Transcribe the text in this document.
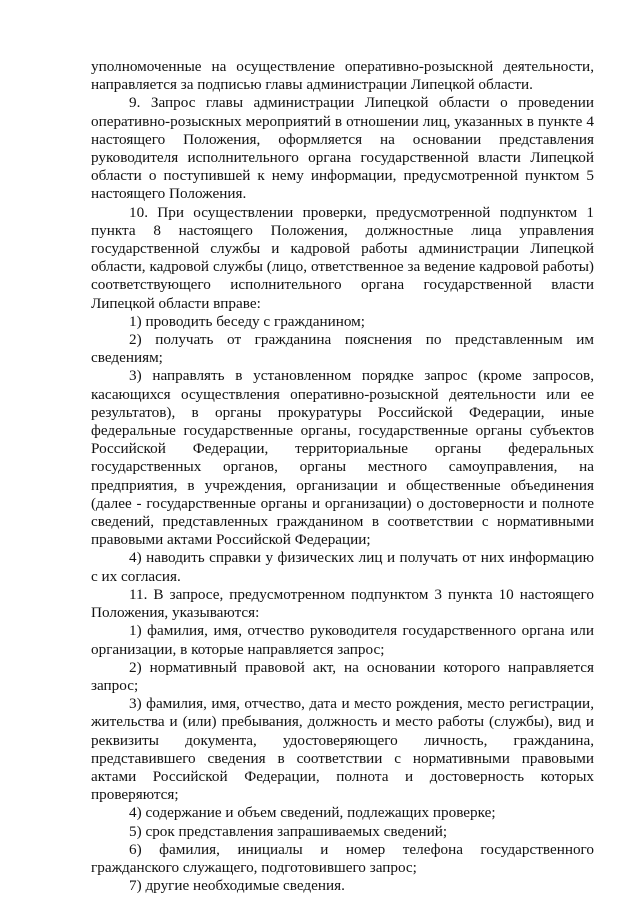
уполномоченные на осуществление оперативно-розыскной деятельности, направляется за подписью главы администрации Липецкой области.

9. Запрос главы администрации Липецкой области о проведении оперативно-розыскных мероприятий в отношении лиц, указанных в пункте 4 настоящего Положения, оформляется на основании представления руководителя исполнительного органа государственной власти Липецкой области о поступившей к нему информации, предусмотренной пунктом 5 настоящего Положения.

10. При осуществлении проверки, предусмотренной подпунктом 1 пункта 8 настоящего Положения, должностные лица управления государственной службы и кадровой работы администрации Липецкой области, кадровой службы (лицо, ответственное за ведение кадровой работы) соответствующего исполнительного органа государственной власти Липецкой области вправе:

1) проводить беседу с гражданином;

2) получать от гражданина пояснения по представленным им сведениям;

3) направлять в установленном порядке запрос (кроме запросов, касающихся осуществления оперативно-розыскной деятельности или ее результатов), в органы прокуратуры Российской Федерации, иные федеральные государственные органы, государственные органы субъектов Российской Федерации, территориальные органы федеральных государственных органов, органы местного самоуправления, на предприятия, в учреждения, организации и общественные объединения (далее - государственные органы и организации) о достоверности и полноте сведений, представленных гражданином в соответствии с нормативными правовыми актами Российской Федерации;

4) наводить справки у физических лиц и получать от них информацию с их согласия.

11. В запросе, предусмотренном подпунктом 3 пункта 10 настоящего Положения, указываются:

1) фамилия, имя, отчество руководителя государственного органа или организации, в которые направляется запрос;

2) нормативный правовой акт, на основании которого направляется запрос;

3) фамилия, имя, отчество, дата и место рождения, место регистрации, жительства и (или) пребывания, должность и место работы (службы), вид и реквизиты документа, удостоверяющего личность, гражданина, представившего сведения в соответствии с нормативными правовыми актами Российской Федерации, полнота и достоверность которых проверяются;

4) содержание и объем сведений, подлежащих проверке;

5) срок представления запрашиваемых сведений;

6) фамилия, инициалы и номер телефона государственного гражданского служащего, подготовившего запрос;

7) другие необходимые сведения.
